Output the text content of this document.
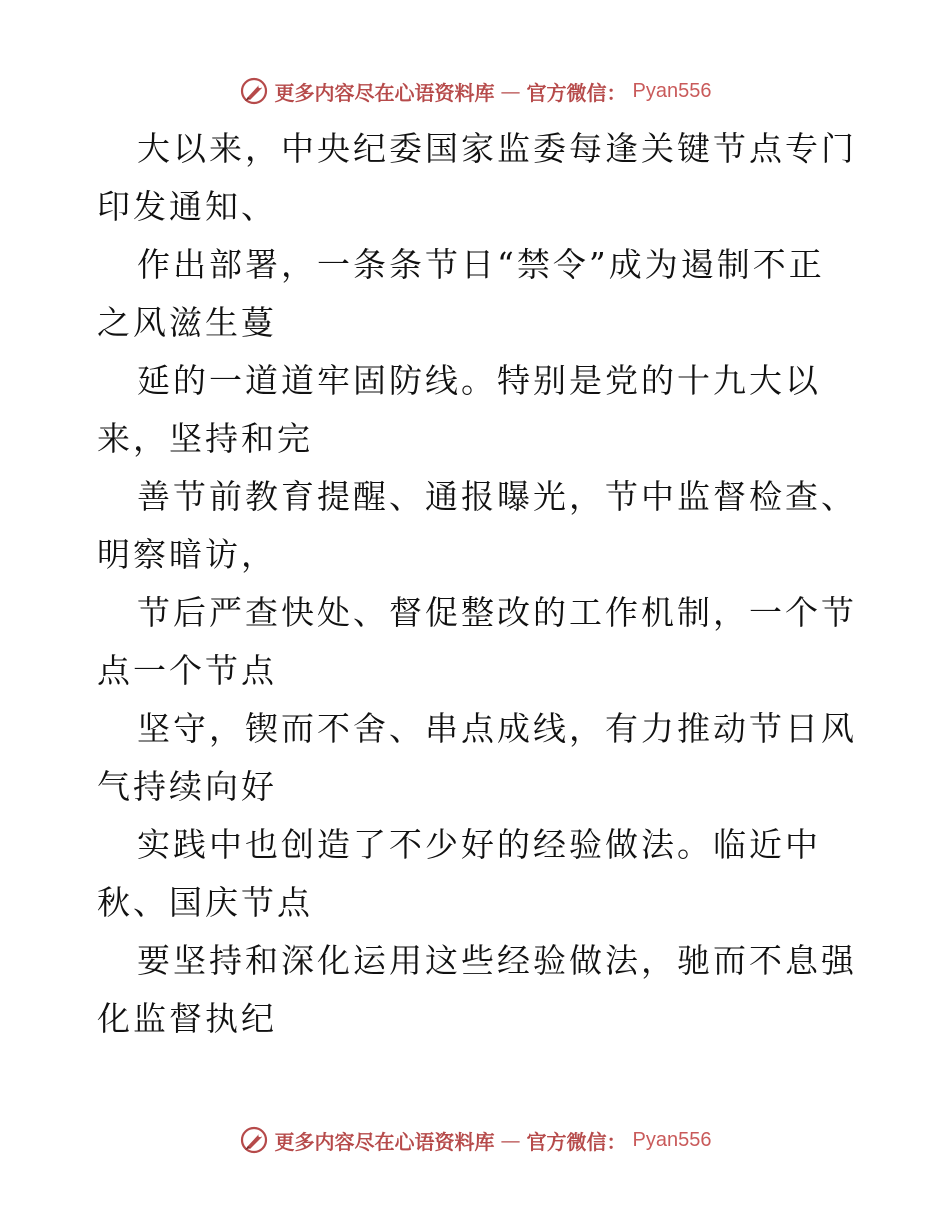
更多内容尽在心语资料库 — 官方微信： Pyan556

大以来，中央纪委国家监委每逢关键节点专门印发通知、

作出部署，一条条节日“禁令”成为遏制不正之风滋生蔓

延的一道道牢固防线。特别是党的十九大以来，坚持和完

善节前教育提醒、通报曝光，节中监督检查、明察暗访，

节后严查快处、督促整改的工作机制，一个节点一个节点

坚守，锲而不舍、串点成线，有力推动节日风气持续向好

实践中也创造了不少好的经验做法。临近中秋、国庆节点

要坚持和深化运用这些经验做法，驰而不息强化监督执纪

更多内容尽在心语资料库 — 官方微信： Pyan556
